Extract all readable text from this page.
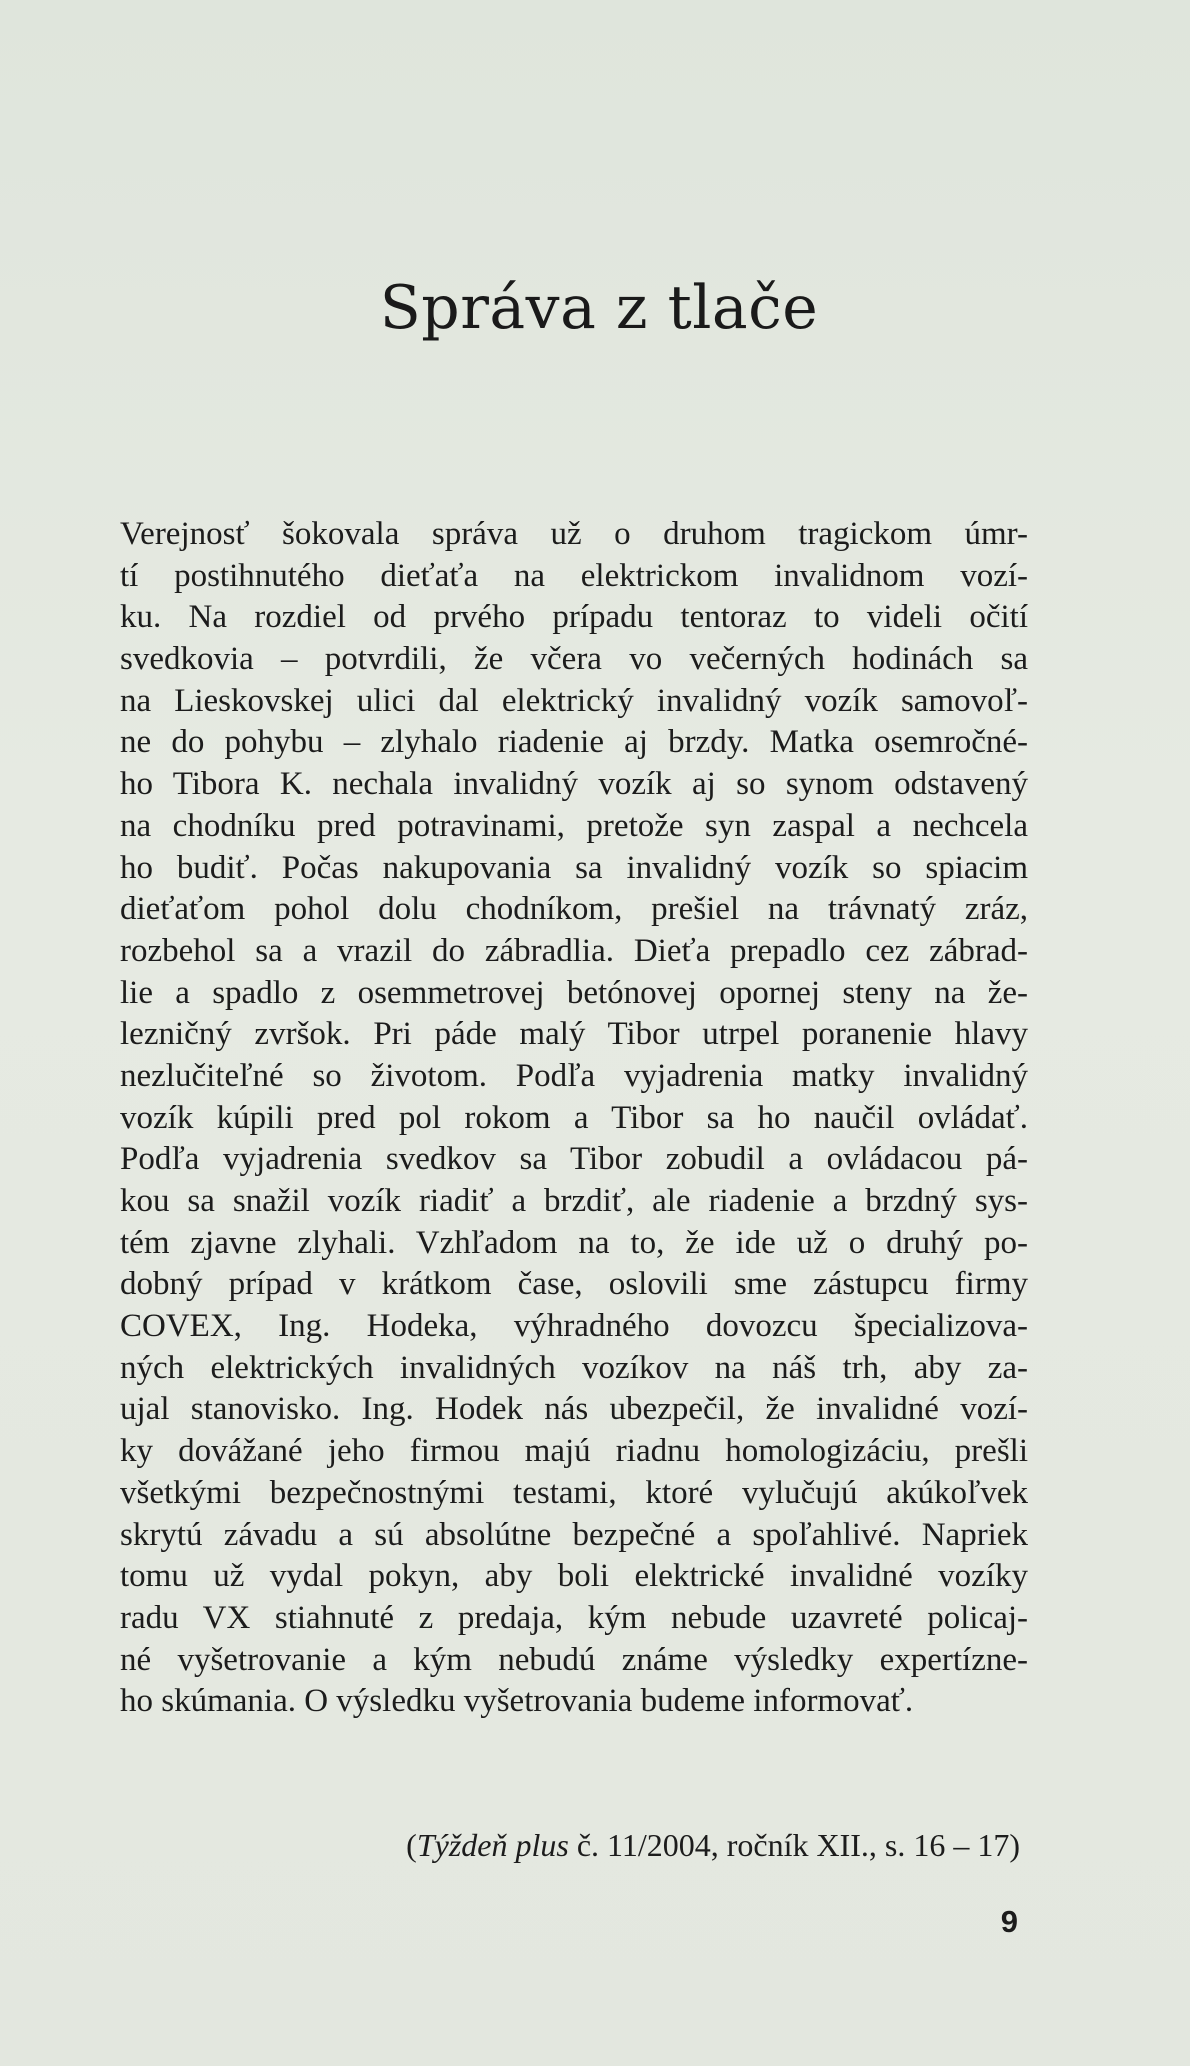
Správa z tlače
Verejnosť šokovala správa už o druhom tragickom úmr-
tí postihnutého dieťaťa na elektrickom invalidnom vozí-
ku. Na rozdiel od prvého prípadu tentoraz to videli očití
svedkovia – potvrdili, že včera vo večerných hodinách sa
na Lieskovskej ulici dal elektrický invalidný vozík samovoľ-
ne do pohybu – zlyhalo riadenie aj brzdy. Matka osemročné-
ho Tibora K. nechala invalidný vozík aj so synom odstavený
na chodníku pred potravinami, pretože syn zaspal a nechcela
ho budiť. Počas nakupovania sa invalidný vozík so spiacim
dieťaťom pohol dolu chodníkom, prešiel na trávnatý zráz,
rozbehol sa a vrazil do zábradlia. Dieťa prepadlo cez zábrad-
lie a spadlo z osemmetrovej betónovej opornej steny na že-
lezničný zvršok. Pri páde malý Tibor utrpel poranenie hlavy
nezlučiteľné so životom. Podľa vyjadrenia matky invalidný
vozík kúpili pred pol rokom a Tibor sa ho naučil ovládať.
Podľa vyjadrenia svedkov sa Tibor zobudil a ovládacou pá-
kou sa snažil vozík riadiť a brzdiť, ale riadenie a brzdný sys-
tém zjavne zlyhali. Vzhľadom na to, že ide už o druhý po-
dobný prípad v krátkom čase, oslovili sme zástupcu firmy
COVEX, Ing. Hodeka, výhradného dovozcu špecializova-
ných elektrických invalidných vozíkov na náš trh, aby za-
ujal stanovisko. Ing. Hodek nás ubezpečil, že invalidné vozí-
ky dovážané jeho firmou majú riadnu homologizáciu, prešli
všetkými bezpečnostnými testami, ktoré vylučujú akúkoľvek
skrytú závadu a sú absolútne bezpečné a spoľahlivé. Napriek
tomu už vydal pokyn, aby boli elektrické invalidné vozíky
radu VX stiahnuté z predaja, kým nebude uzavreté policaj-
né vyšetrovanie a kým nebudú známe výsledky expertízne-
ho skúmania. O výsledku vyšetrovania budeme informovať.
(Týždeň plus č. 11/2004, ročník XII., s. 16 – 17)
9
